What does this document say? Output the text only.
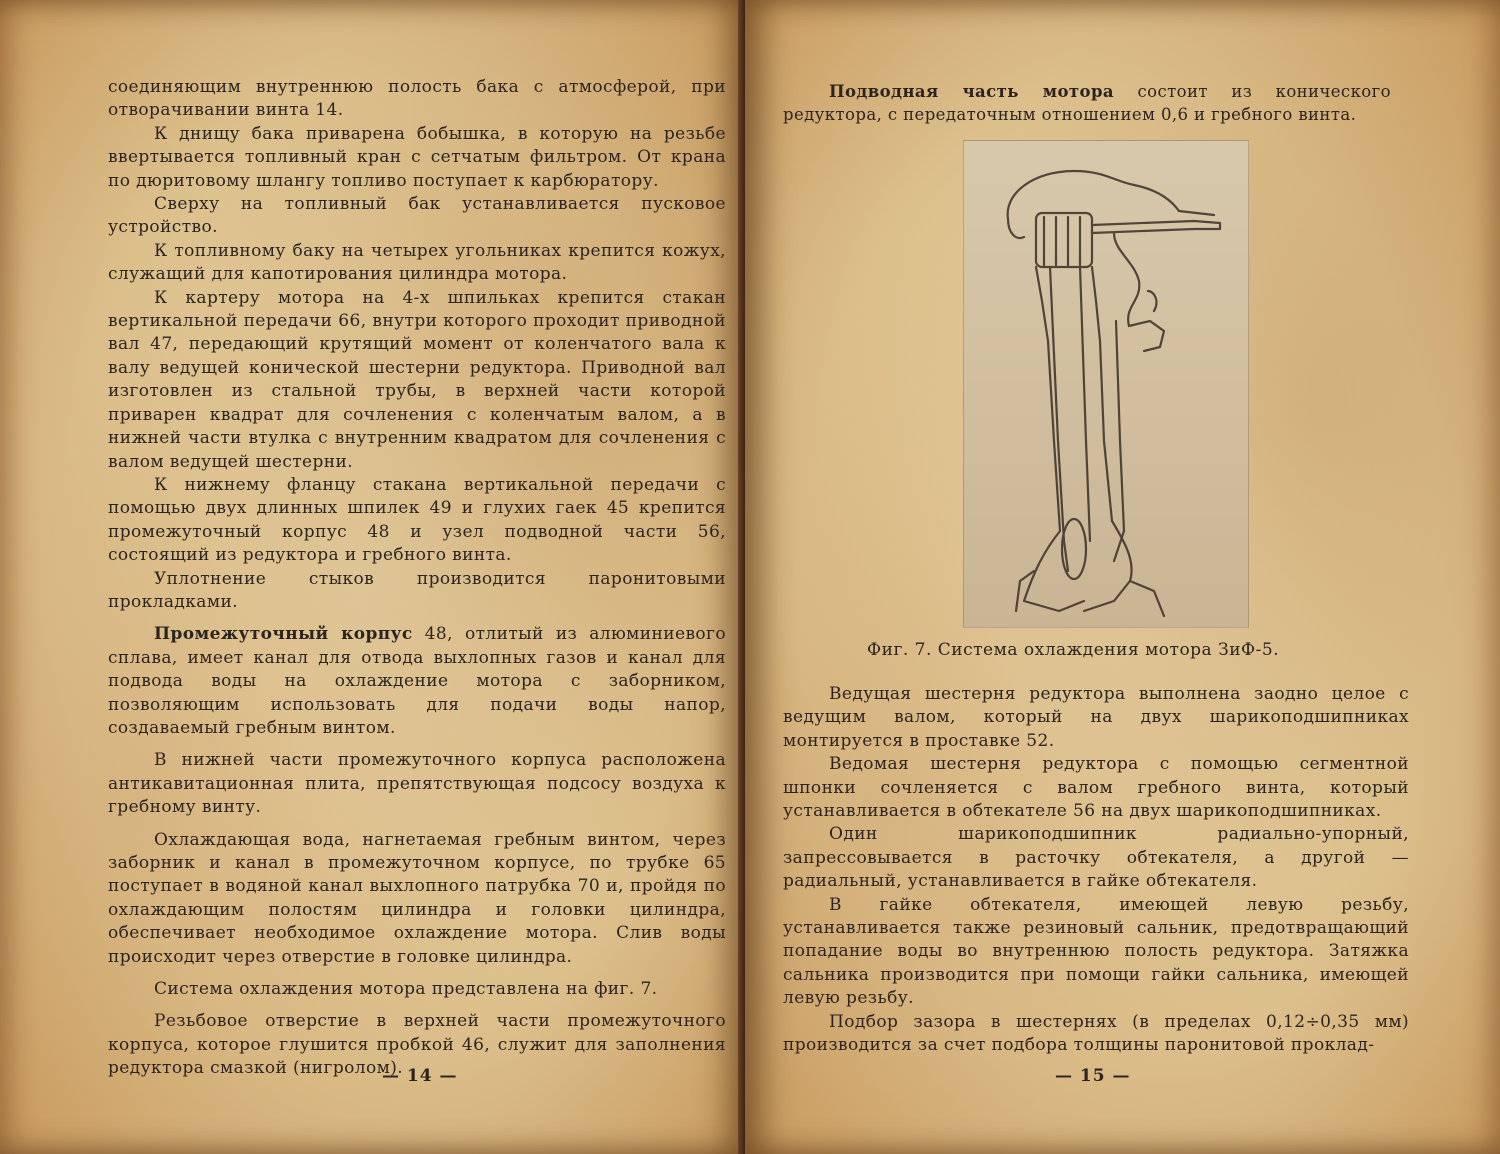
соединяющим внутреннюю полость бака с атмосферой, при отворачивании винта 14.

К днищу бака приварена бобышка, в которую на резьбе ввертывается топливный кран с сетчатым фильтром. От крана по дюритовому шлангу топливо поступает к карбюратору.

Сверху на топливный бак устанавливается пусковое устройство.

К топливному баку на четырех угольниках крепится кожух, служащий для капотирования цилиндра мотора.

К картеру мотора на 4-х шпильках крепится стакан вертикальной передачи 66, внутри которого проходит приводной вал 47, передающий крутящий момент от коленчатого вала к валу ведущей конической шестерни редуктора. Приводной вал изготовлен из стальной трубы, в верхней части которой приварен квадрат для сочленения с коленчатым валом, а в нижней части втулка с внутренним квадратом для сочленения с валом ведущей шестерни.

К нижнему фланцу стакана вертикальной передачи с помощью двух длинных шпилек 49 и глухих гаек 45 крепится промежуточный корпус 48 и узел подводной части 56, состоящий из редуктора и гребного винта.

Уплотнение стыков производится паронитовыми прокладками.

Промежуточный корпус 48, отлитый из алюминиевого сплава, имеет канал для отвода выхлопных газов и канал для подвода воды на охлаждение мотора с заборником, позволяющим использовать для подачи воды напор, создаваемый гребным винтом.

В нижней части промежуточного корпуса расположена антикавитационная плита, препятствующая подсосу воздуха к гребному винту.

Охлаждающая вода, нагнетаемая гребным винтом, через заборник и канал в промежуточном корпусе, по трубке 65 поступает в водяной канал выхлопного патрубка 70 и, пройдя по охлаждающим полостям цилиндра и головки цилиндра, обеспечивает необходимое охлаждение мотора. Слив воды происходит через отверстие в головке цилиндра.

Система охлаждения мотора представлена на фиг. 7.

Резьбовое отверстие в верхней части промежуточного корпуса, которое глушится пробкой 46, служит для заполнения редуктора смазкой (нигролом).

— 14 —

Подводная часть мотора состоит из конического редуктора, с передаточным отношением 0,6 и гребного винта.

Фиг. 7. Система охлаждения мотора ЗиФ-5.

Ведущая шестерня редуктора выполнена заодно целое с ведущим валом, который на двух шарикоподшипниках монтируется в проставке 52.

Ведомая шестерня редуктора с помощью сегментной шпонки сочленяется с валом гребного винта, который устанавливается в обтекателе 56 на двух шарикоподшипниках.

Один шарикоподшипник радиально-упорный, запрессовывается в расточку обтекателя, а другой — радиальный, устанавливается в гайке обтекателя.

В гайке обтекателя, имеющей левую резьбу, устанавливается также резиновый сальник, предотвращающий попадание воды во внутреннюю полость редуктора. Затяжка сальника производится при помощи гайки сальника, имеющей левую резьбу.

Подбор зазора в шестернях (в пределах 0,12÷0,35 мм) производится за счет подбора толщины паронитовой проклад-

— 15 —
